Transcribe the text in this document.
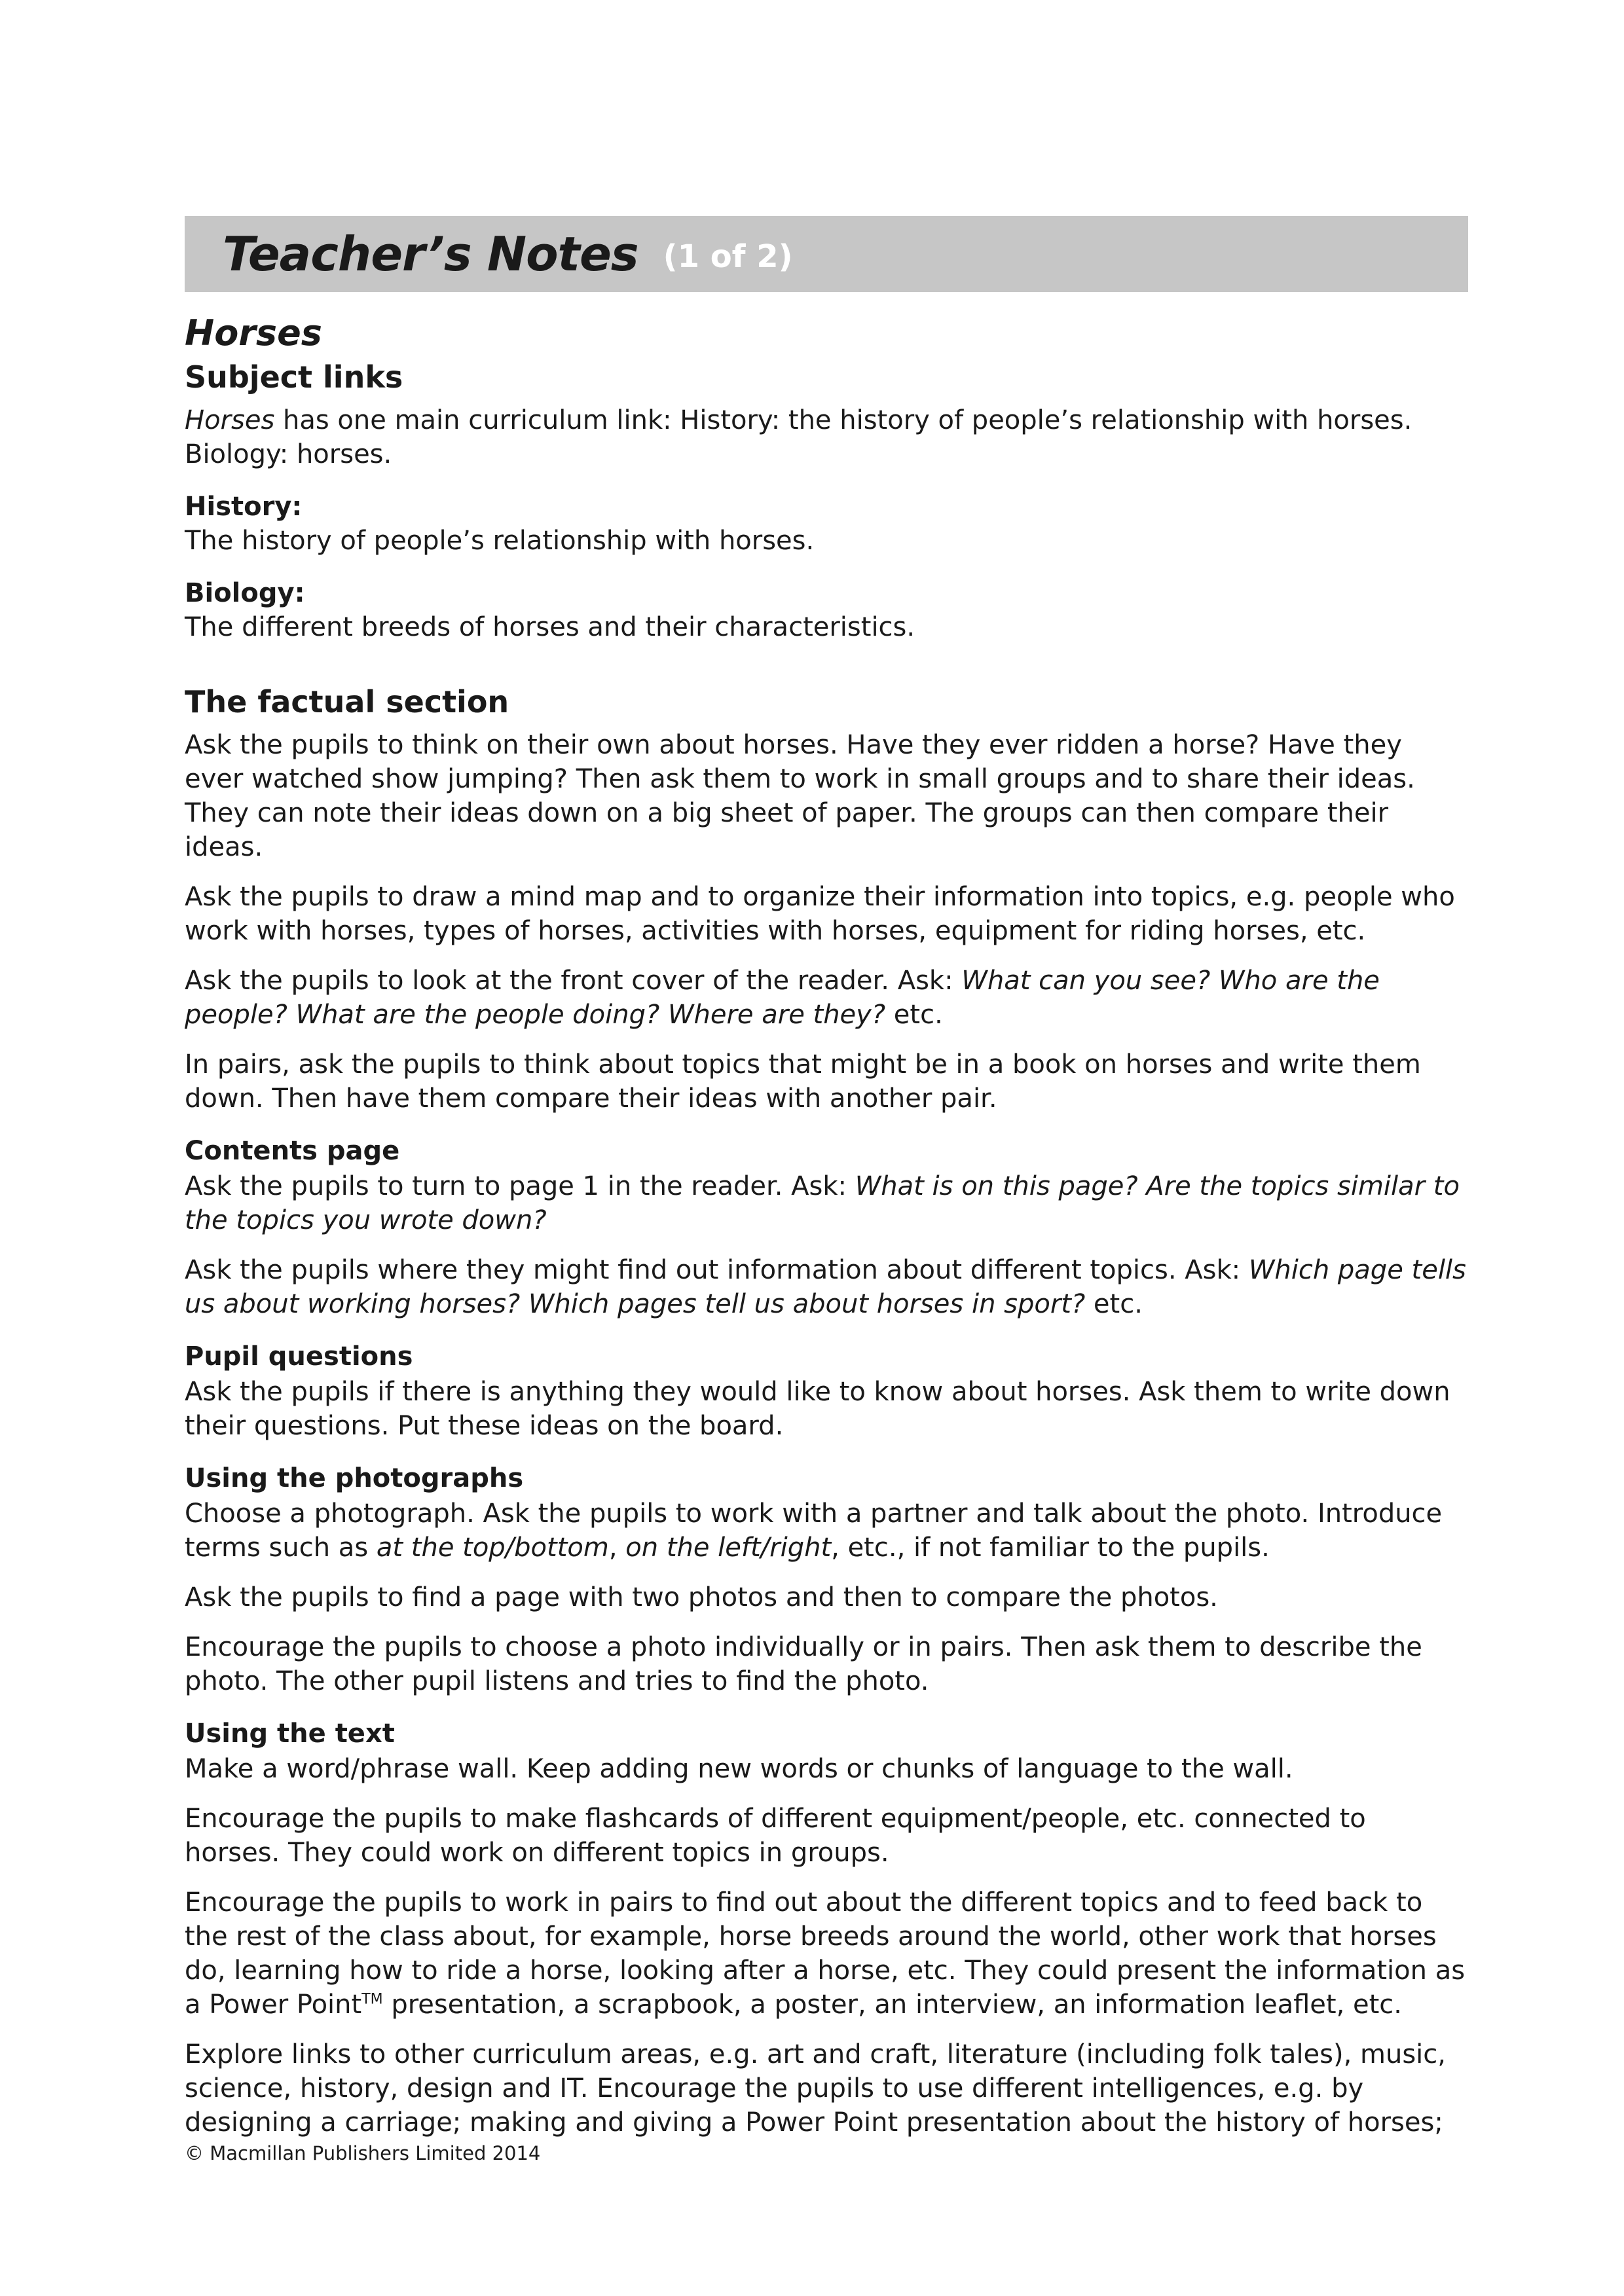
Teacher’s Notes (1 of 2)
Horses
Subject links
Horses has one main curriculum link: History: the history of people’s relationship with horses.
Biology: horses.
History:
The history of people’s relationship with horses.
Biology:
The different breeds of horses and their characteristics.
The factual section
Ask the pupils to think on their own about horses. Have they ever ridden a horse? Have they ever watched show jumping? Then ask them to work in small groups and to share their ideas. They can note their ideas down on a big sheet of paper. The groups can then compare their ideas.
Ask the pupils to draw a mind map and to organize their information into topics, e.g. people who work with horses, types of horses, activities with horses, equipment for riding horses, etc.
Ask the pupils to look at the front cover of the reader. Ask: What can you see? Who are the people? What are the people doing? Where are they? etc.
In pairs, ask the pupils to think about topics that might be in a book on horses and write them down. Then have them compare their ideas with another pair.
Contents page
Ask the pupils to turn to page 1 in the reader. Ask: What is on this page? Are the topics similar to the topics you wrote down?
Ask the pupils where they might find out information about different topics. Ask: Which page tells us about working horses? Which pages tell us about horses in sport? etc.
Pupil questions
Ask the pupils if there is anything they would like to know about horses. Ask them to write down their questions. Put these ideas on the board.
Using the photographs
Choose a photograph. Ask the pupils to work with a partner and talk about the photo. Introduce terms such as at the top/bottom, on the left/right, etc., if not familiar to the pupils.
Ask the pupils to find a page with two photos and then to compare the photos.
Encourage the pupils to choose a photo individually or in pairs. Then ask them to describe the photo. The other pupil listens and tries to find the photo.
Using the text
Make a word/phrase wall. Keep adding new words or chunks of language to the wall.
Encourage the pupils to make flashcards of different equipment/people, etc. connected to horses. They could work on different topics in groups.
Encourage the pupils to work in pairs to find out about the different topics and to feed back to the rest of the class about, for example, horse breeds around the world, other work that horses do, learning how to ride a horse, looking after a horse, etc. They could present the information as a Power Point™ presentation, a scrapbook, a poster, an interview, an information leaflet, etc.
Explore links to other curriculum areas, e.g. art and craft, literature (including folk tales), music, science, history, design and IT. Encourage the pupils to use different intelligences, e.g. by designing a carriage; making and giving a Power Point presentation about the history of horses;
© Macmillan Publishers Limited 2014
